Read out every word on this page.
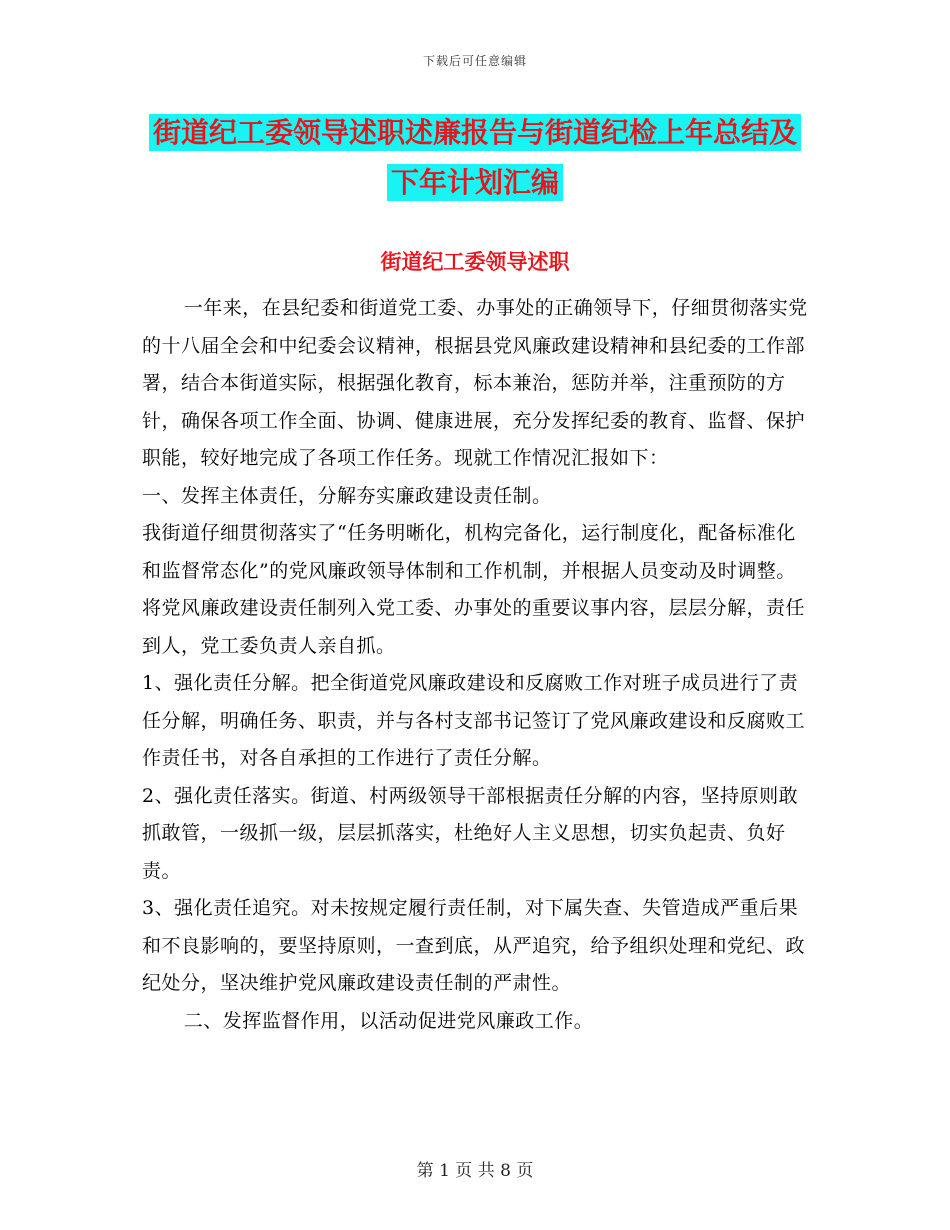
下载后可任意编辑
街道纪工委领导述职述廉报告与街道纪检上年总结及
下年计划汇编
街道纪工委领导述职

一年来，在县纪委和街道党工委、办事处的正确领导下，仔细贯彻落实党的十八届全会和中纪委会议精神，根据县党风廉政建设精神和县纪委的工作部署，结合本街道实际，根据强化教育，标本兼治，惩防并举，注重预防的方针，确保各项工作全面、协调、健康进展，充分发挥纪委的教育、监督、保护职能，较好地完成了各项工作任务。现就工作情况汇报如下：

一、发挥主体责任，分解夯实廉政建设责任制。

我街道仔细贯彻落实了“任务明晰化，机构完备化，运行制度化，配备标准化和监督常态化”的党风廉政领导体制和工作机制，并根据人员变动及时调整。将党风廉政建设责任制列入党工委、办事处的重要议事内容，层层分解，责任到人，党工委负责人亲自抓。

1、强化责任分解。把全街道党风廉政建设和反腐败工作对班子成员进行了责任分解，明确任务、职责，并与各村支部书记签订了党风廉政建设和反腐败工作责任书，对各自承担的工作进行了责任分解。

2、强化责任落实。街道、村两级领导干部根据责任分解的内容，坚持原则敢抓敢管，一级抓一级，层层抓落实，杜绝好人主义思想，切实负起责、负好责。

3、强化责任追究。对未按规定履行责任制，对下属失查、失管造成严重后果和不良影响的，要坚持原则，一查到底，从严追究，给予组织处理和党纪、政纪处分，坚决维护党风廉政建设责任制的严肃性。

二、发挥监督作用，以活动促进党风廉政工作。

第 1 页 共 8 页
